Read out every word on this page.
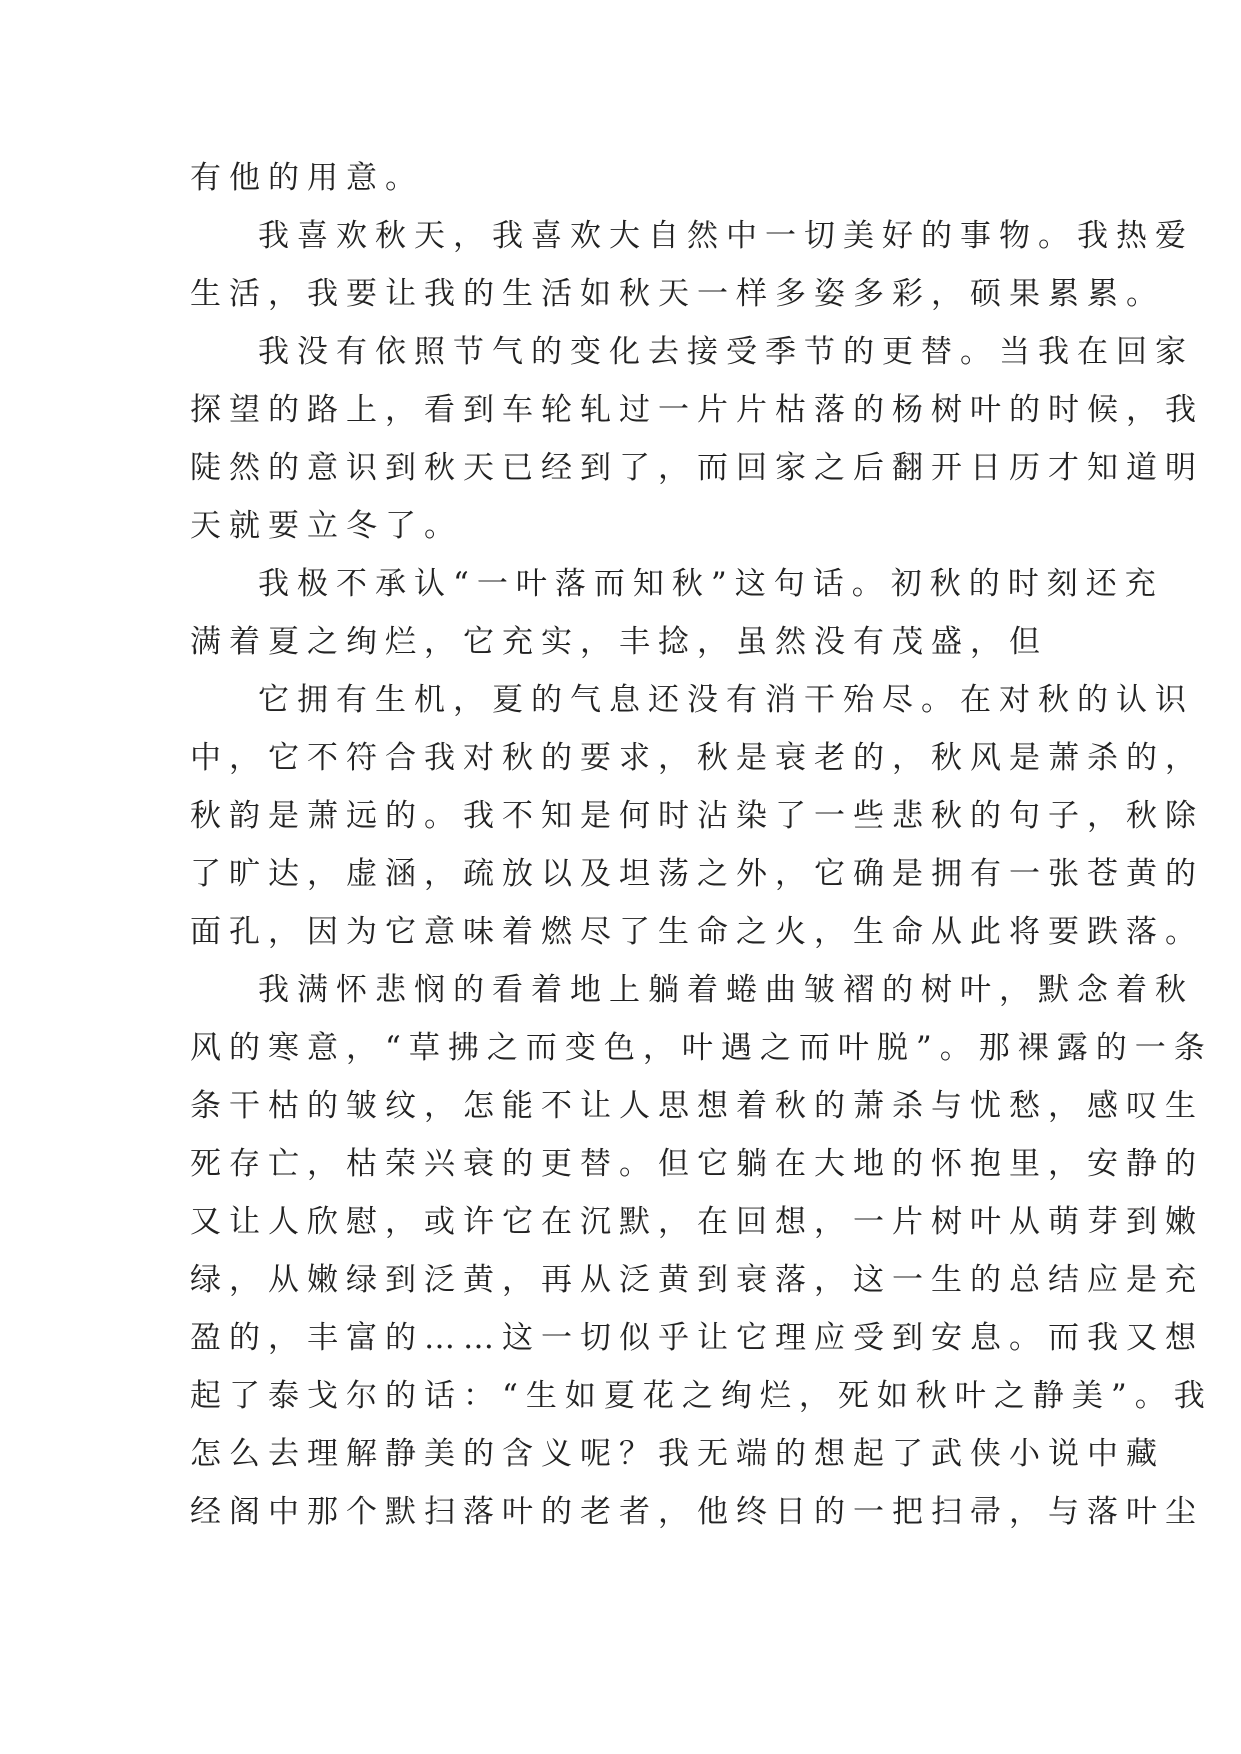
有他的用意。
我喜欢秋天，我喜欢大自然中一切美好的事物。我热爱
生活，我要让我的生活如秋天一样多姿多彩，硕果累累。
我没有依照节气的变化去接受季节的更替。当我在回家
探望的路上，看到车轮轧过一片片枯落的杨树叶的时候，我
陡然的意识到秋天已经到了，而回家之后翻开日历才知道明
天就要立冬了。
我极不承认“一叶落而知秋”这句话。初秋的时刻还充
满着夏之绚烂，它充实，丰捻，虽然没有茂盛，但
它拥有生机，夏的气息还没有消干殆尽。在对秋的认识
中，它不符合我对秋的要求，秋是衰老的，秋风是萧杀的，
秋韵是萧远的。我不知是何时沾染了一些悲秋的句子，秋除
了旷达，虚涵，疏放以及坦荡之外，它确是拥有一张苍黄的
面孔，因为它意味着燃尽了生命之火，生命从此将要跌落。
我满怀悲悯的看着地上躺着蜷曲皱褶的树叶，默念着秋
风的寒意，“草拂之而变色，叶遇之而叶脱”。那裸露的一条
条干枯的皱纹，怎能不让人思想着秋的萧杀与忧愁，感叹生
死存亡，枯荣兴衰的更替。但它躺在大地的怀抱里，安静的
又让人欣慰，或许它在沉默，在回想，一片树叶从萌芽到嫩
绿，从嫩绿到泛黄，再从泛黄到衰落，这一生的总结应是充
盈的，丰富的……这一切似乎让它理应受到安息。而我又想
起了泰戈尔的话：“生如夏花之绚烂，死如秋叶之静美”。我
怎么去理解静美的含义呢？我无端的想起了武侠小说中藏
经阁中那个默扫落叶的老者，他终日的一把扫帚，与落叶尘
